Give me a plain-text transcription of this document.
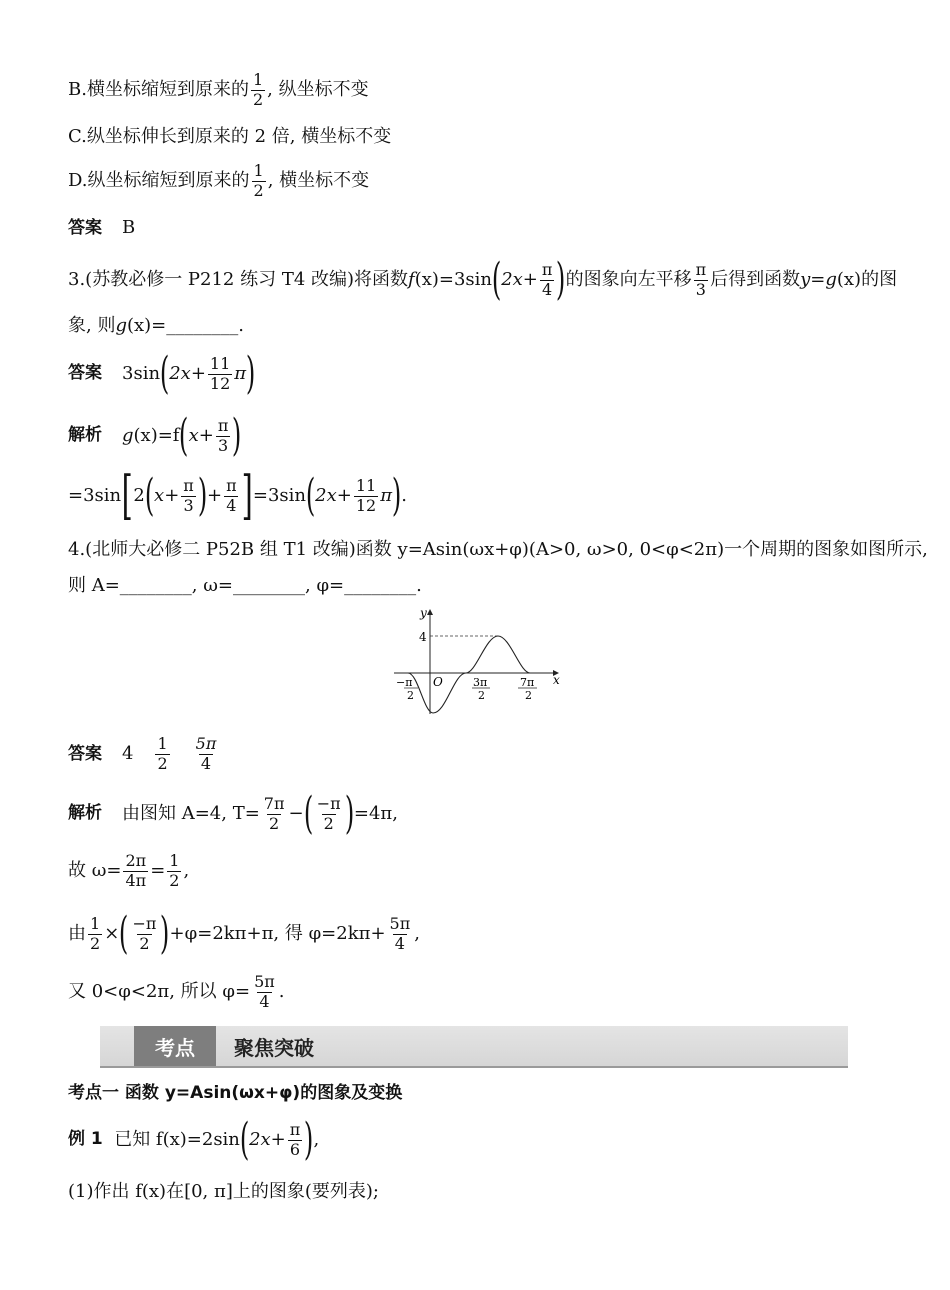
B.横坐标缩短到原来的 $\frac{1}{2}$ , 纵坐标不变
C.纵坐标伸长到原来的 2 倍, 横坐标不变
D.纵坐标缩短到原来的 $\frac{1}{2}$ , 横坐标不变
答案 B
3.(苏教必修一 P212 练习 T4 改编)将函数 f (x)=3sin ( $2x+ \frac{\pi}{4}$ ) 的图象向左平移 $\frac{\pi}{3}$ 后得到函数 y=g (x)的图
象, 则 g (x)=________.
答案 3sin ( $2x+ \frac{11}{12}$ π )
解析 g (x)=f ( $x+ \frac{\pi}{3}$ )
=3sin [ 2 ( $x+ \frac{\pi}{3}$ ) + $\frac{\pi}{4}$ ] =3sin ( $2x+ \frac{11}{12}$ π ) .
4.(北师大必修二 P52B 组 T1 改编)函数 y=Asin(ωx+φ)(A>0, ω>0, 0<φ<2π)一个周期的图象如图所示,
则 A=________, ω=________, φ=________.
y
x
O
4
−π
2
3π
2
7π
2
答案 $4 \frac{1}{2} \frac{5\pi}{4}$
解析 由图知 A=4, $T= \frac{7\pi}{2}$ − ( $\frac{-\pi}{2}$ ) =4π,
故 $\omega= \frac{2\pi}{4\pi} = \frac{1}{2}$ ,
由 $\frac{1}{2}$ × ( $\frac{-\pi}{2}$ ) +φ=2kπ+π, 得 $\varphi=2k\pi+ \frac{5\pi}{4}$ ,
又 0<φ<2π, 所以 $\varphi= \frac{5\pi}{4}$ .
考点	聚焦突破
考点一 函数 y=Asin(ωx+φ)的图象及变换
例 1
已知 f(x)=2sin ( $2x+ \frac{\pi}{6}$ ) ,
(1)作出 f(x)在[0, π]上的图象(要列表);
